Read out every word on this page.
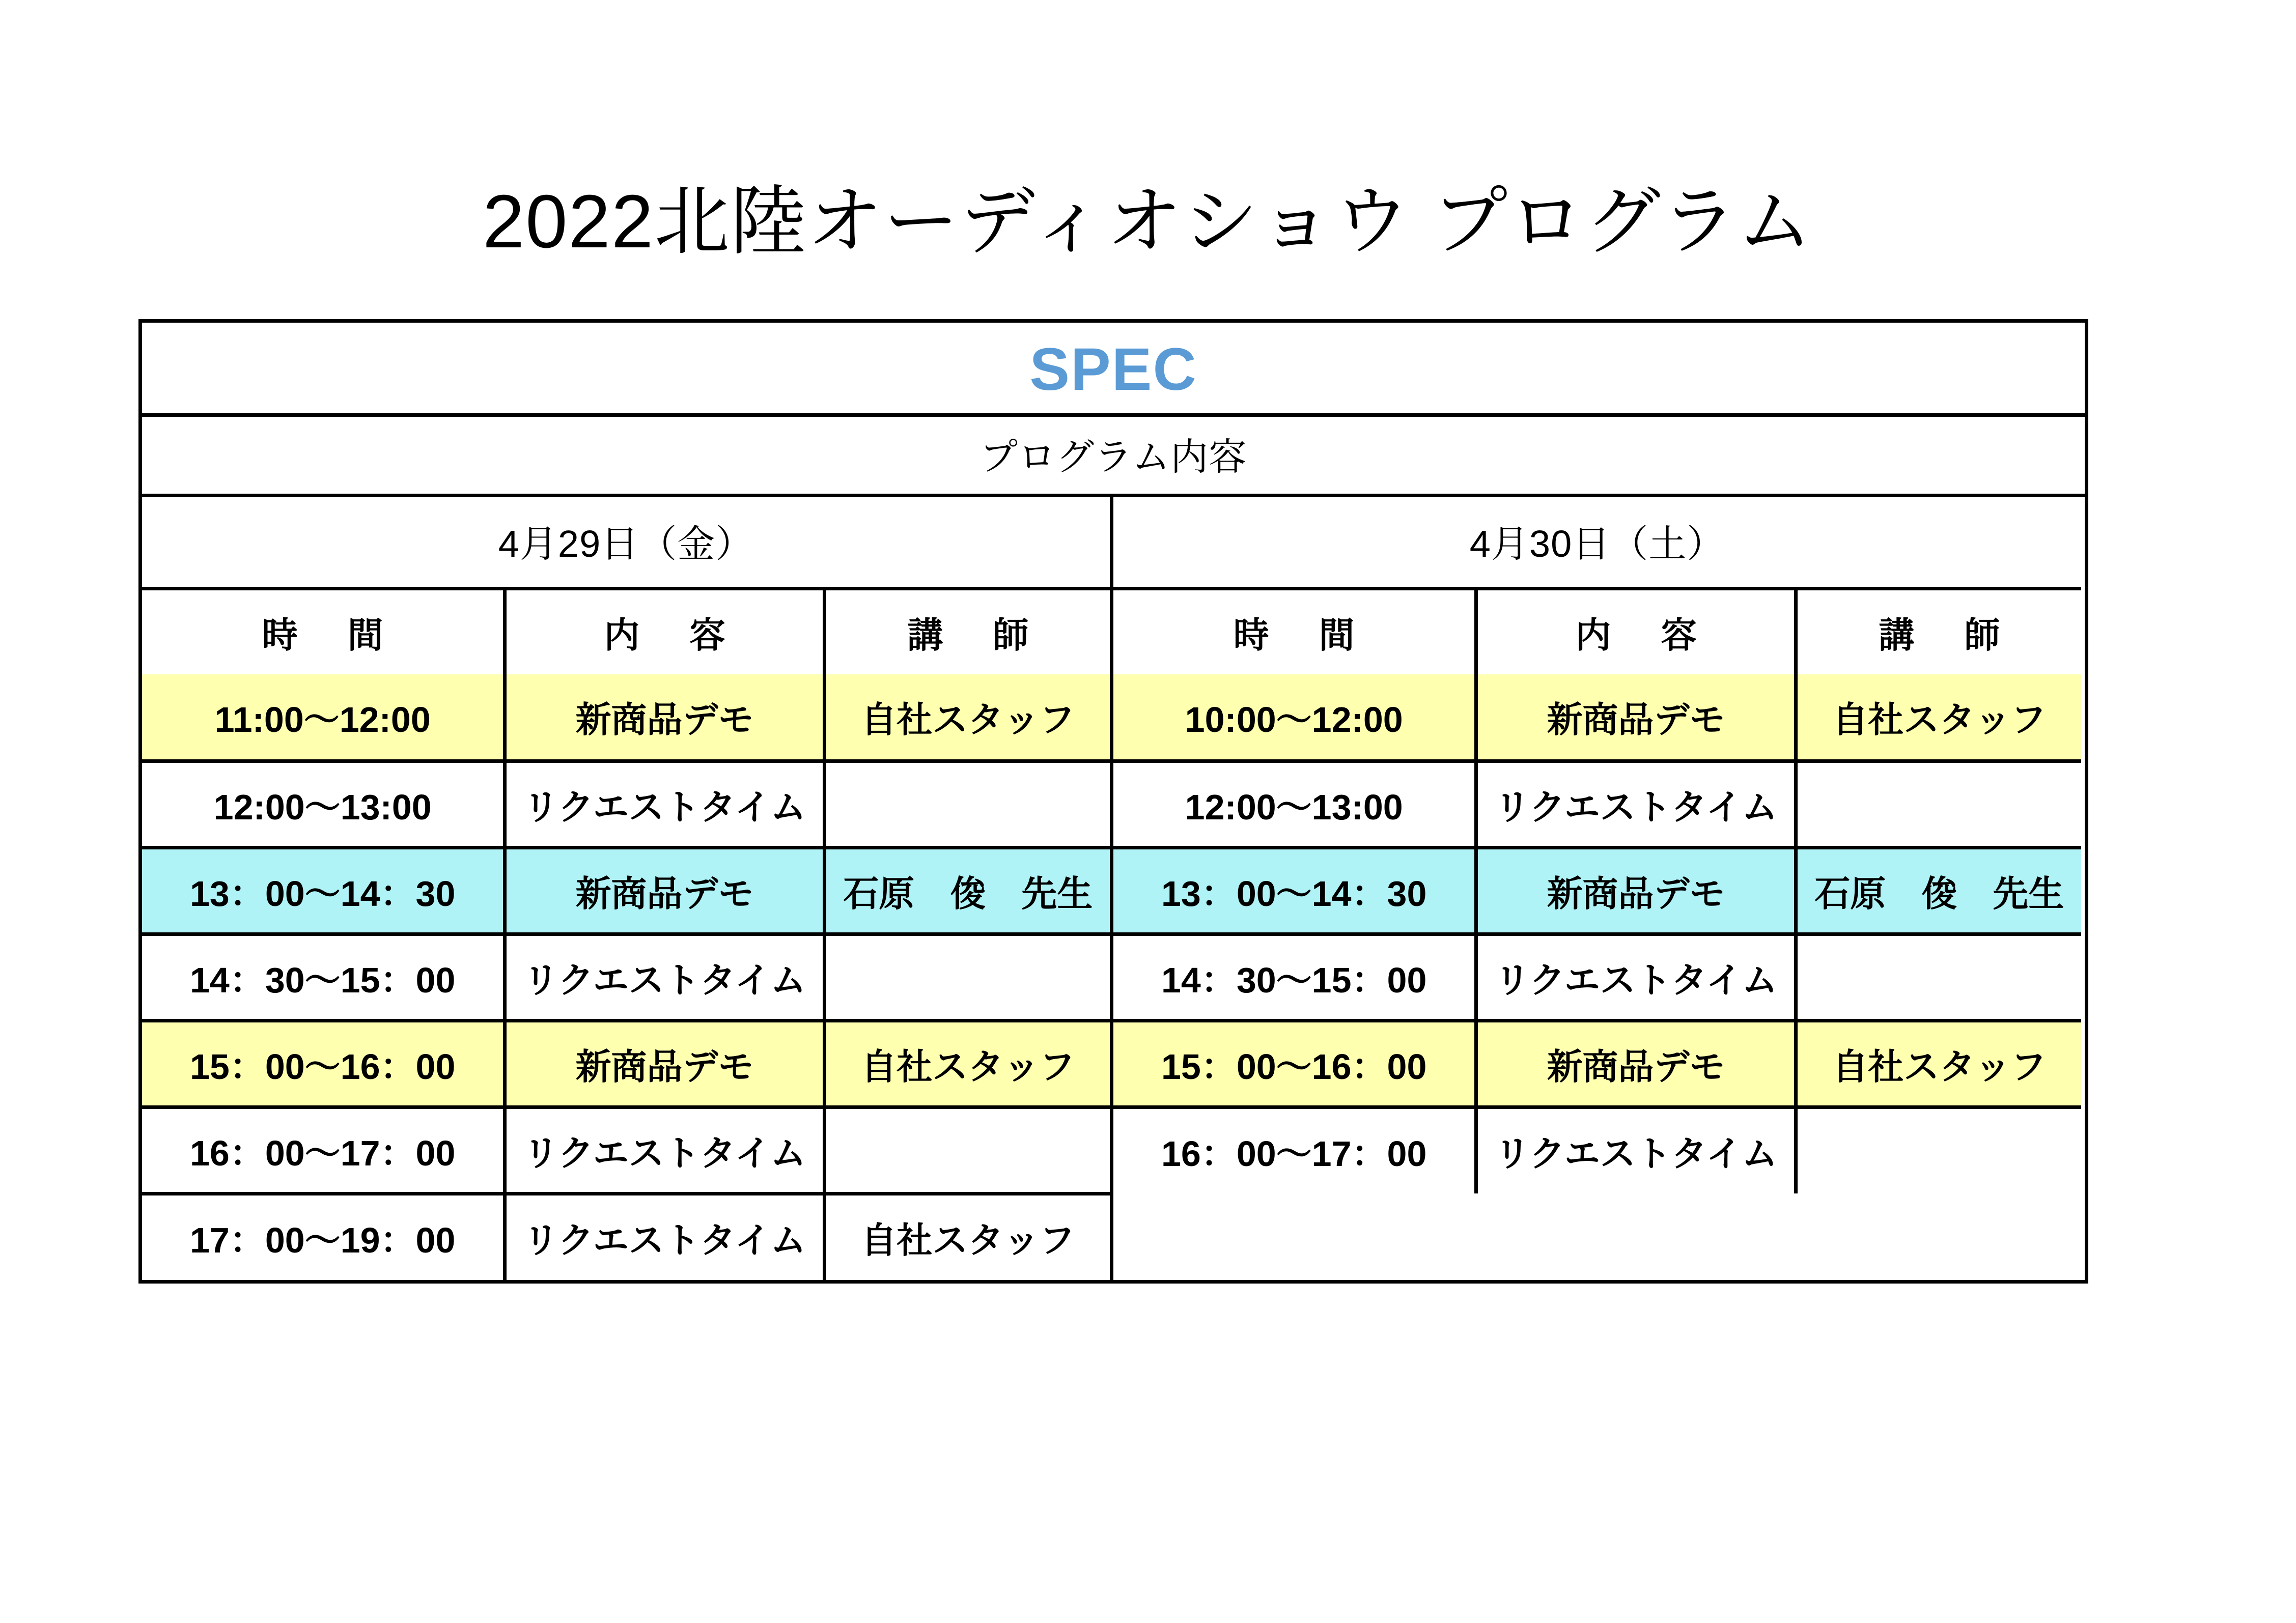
2022北陸オーディオショウ プログラム
SPEC
プログラム内容
4月29日（金）
時　間	内　容	講　師
11:00〜12:00	新商品デモ	自社スタッフ
12:00〜13:00	リクエストタイム	
13：00〜14：30	新商品デモ	石原　俊　先生
14：30〜15：00	リクエストタイム	
15：00〜16：00	新商品デモ	自社スタッフ
16：00〜17：00	リクエストタイム	
17：00〜19：00	リクエストタイム	自社スタッフ
4月30日（土）
時　間	内　容	講　師
10:00〜12:00	新商品デモ	自社スタッフ
12:00〜13:00	リクエストタイム	
13：00〜14：30	新商品デモ	石原　俊　先生
14：30〜15：00	リクエストタイム	
15：00〜16：00	新商品デモ	自社スタッフ
16：00〜17：00	リクエストタイム	
